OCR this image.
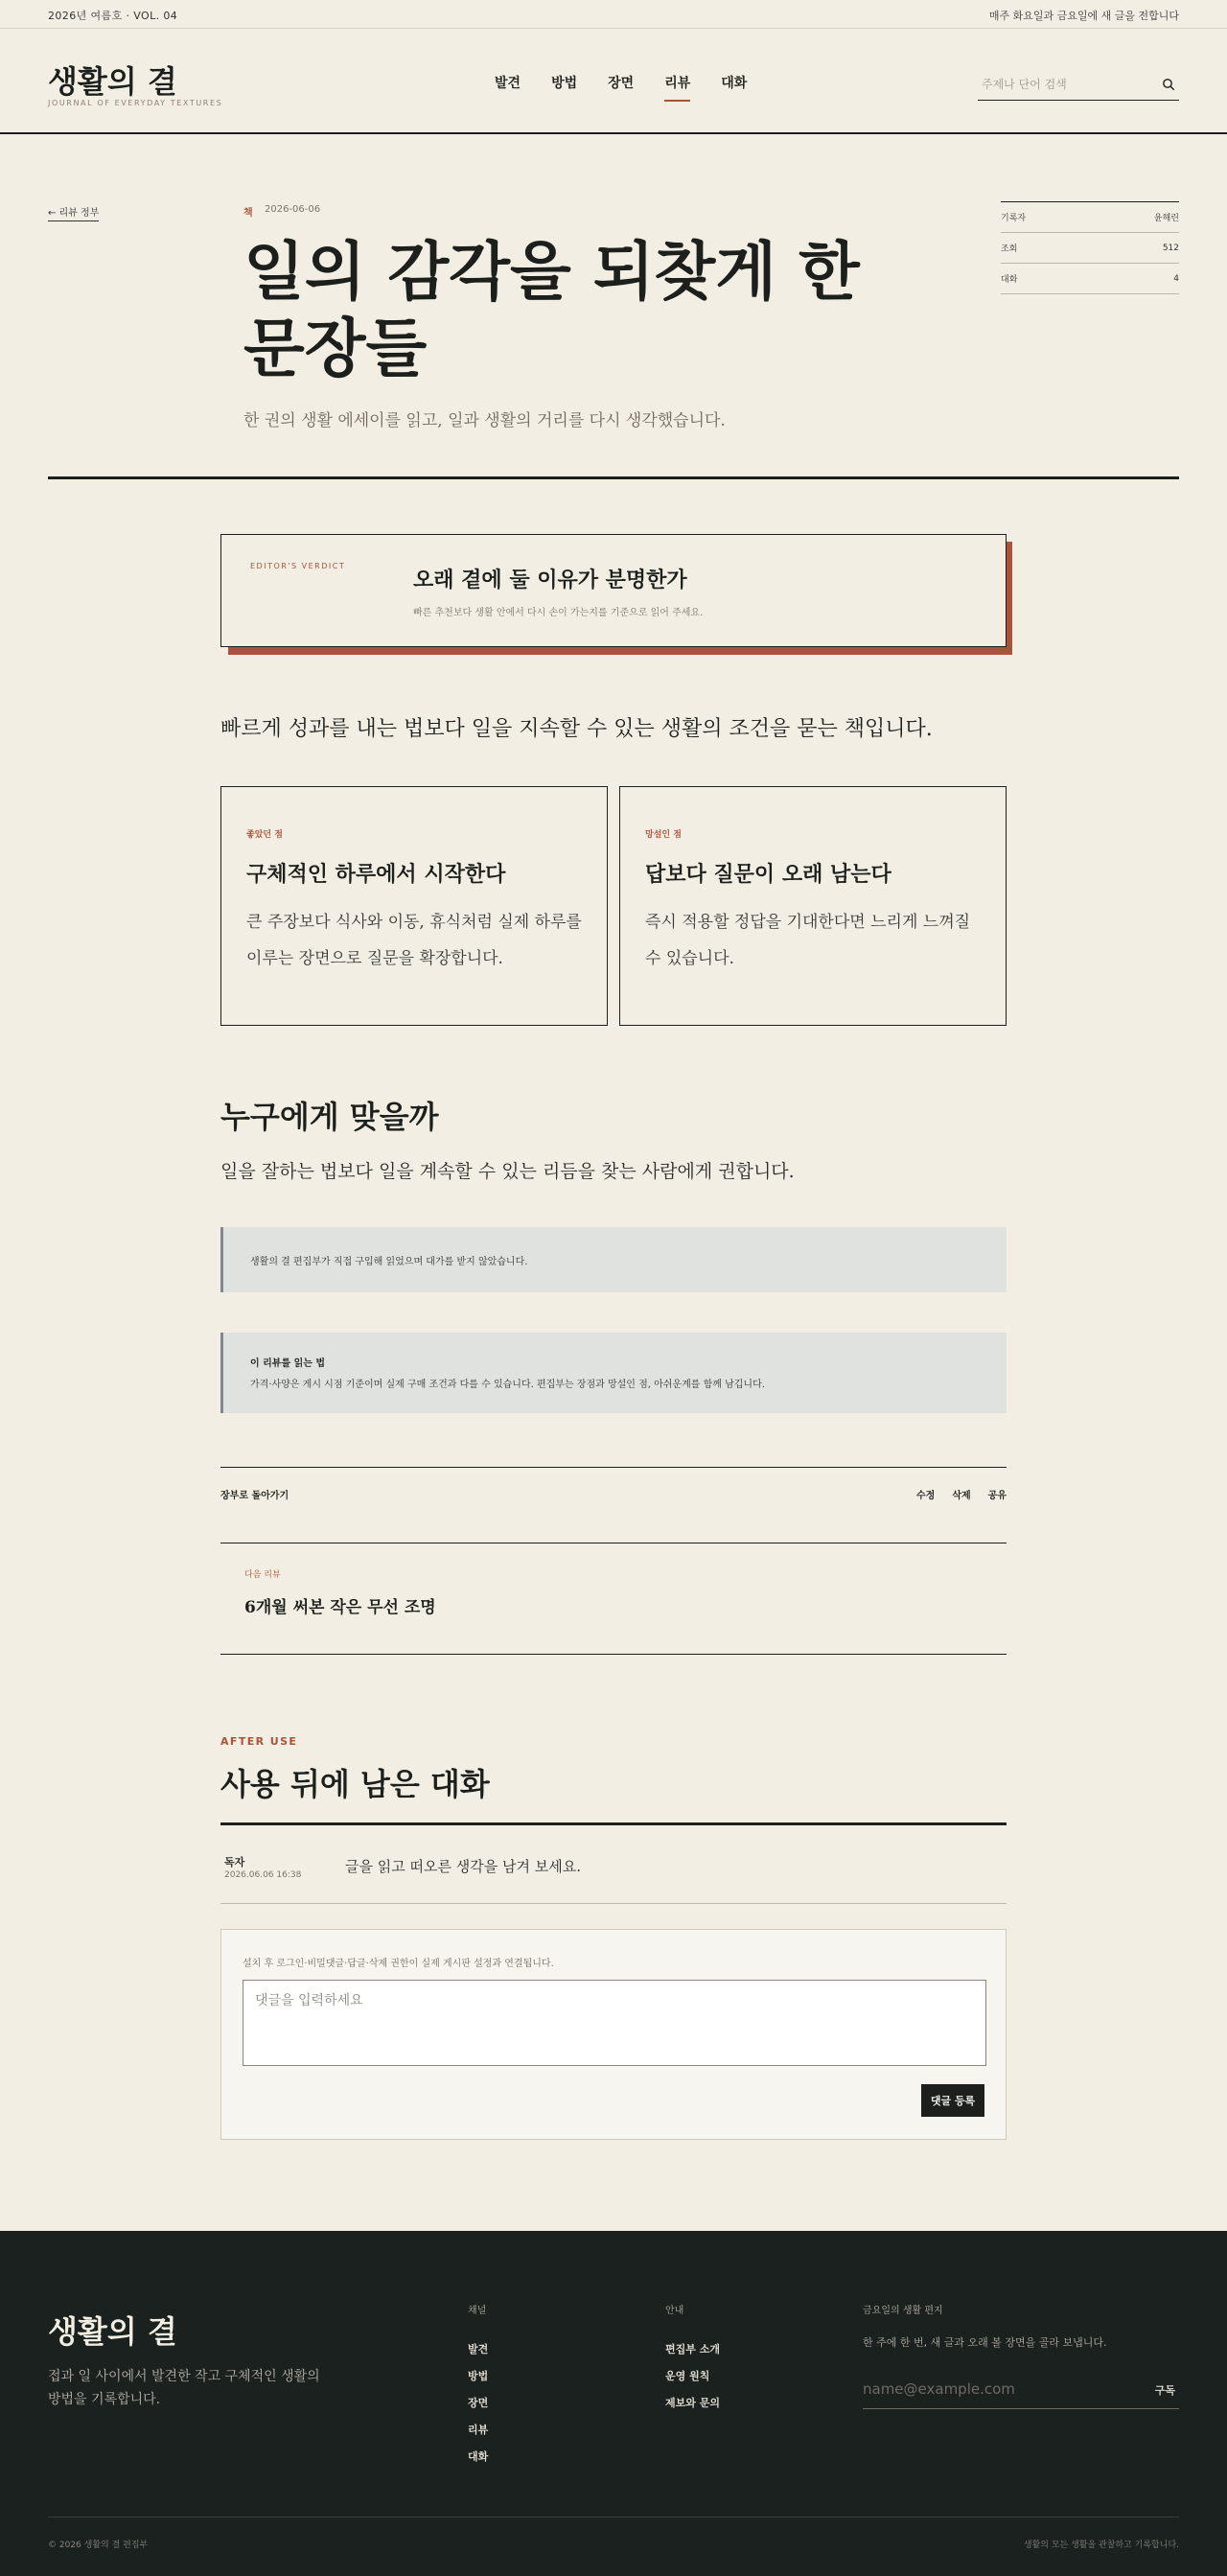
2026년 여름호 · VOL. 04	매주 화요일과 금요일에 새 글을 전합니다
생활의 결
JOURNAL OF EVERYDAY TEXTURES
발견 방법 장면 리뷰 대화
주제나 단어 검색
← 리뷰 정부	책 2026-06-06
일의 감각을 되찾게 한 문장들

한 권의 생활 에세이를 읽고, 일과 생활의 거리를 다시 생각했습니다.

기록자	윤해린
조회	512
대화	4
EDITOR'S VERDICT
오래 곁에 둘 이유가 분명한가
빠른 추천보다 생활 안에서 다시 손이 가는지를 기준으로 읽어 주세요.

빠르게 성과를 내는 법보다 일을 지속할 수 있는 생활의 조건을 묻는 책입니다.

좋았던 점
구체적인 하루에서 시작한다

큰 주장보다 식사와 이동, 휴식처럼 실제 하루를 이루는 장면으로 질문을 확장합니다.

망설인 점
답보다 질문이 오래 남는다

즉시 적용할 정답을 기대한다면 느리게 느껴질 수 있습니다.

누구에게 맞을까

일을 잘하는 법보다 일을 계속할 수 있는 리듬을 찾는 사람에게 권합니다.

생활의 결 편집부가 직접 구입해 읽었으며 대가를 받지 않았습니다.
이 리뷰를 읽는 법
가격·사양은 게시 시점 기준이며 실제 구매 조건과 다를 수 있습니다. 편집부는 장점과 망설인 점, 아쉬운계를 함께 남깁니다.
장부로 돌아가기	수정 삭제 공유
다음 리뷰
6개월 써본 작은 무선 조명
AFTER USE
사용 뒤에 남은 대화
독자
2026.06.06 16:38	글을 읽고 떠오른 생각을 남겨 보세요.
설치 후 로그인·비밀댓글·답글·삭제 권한이 실제 게시판 설정과 연결됩니다.
댓글을 입력하세요
댓글 등록
생활의 결

접과 일 사이에서 발견한 작고 구체적인 생활의 방법을 기록합니다.

채널
발견
방법
장면
리뷰
대화
안내
편집부 소개
운영 원칙
제보와 문의
금요일의 생활 편지

한 주에 한 번, 새 글과 오래 볼 장면을 골라 보냅니다.

name@example.com
구독
© 2026 생활의 결 편집부	생활의 모든 생활을 관찰하고 기록합니다.
